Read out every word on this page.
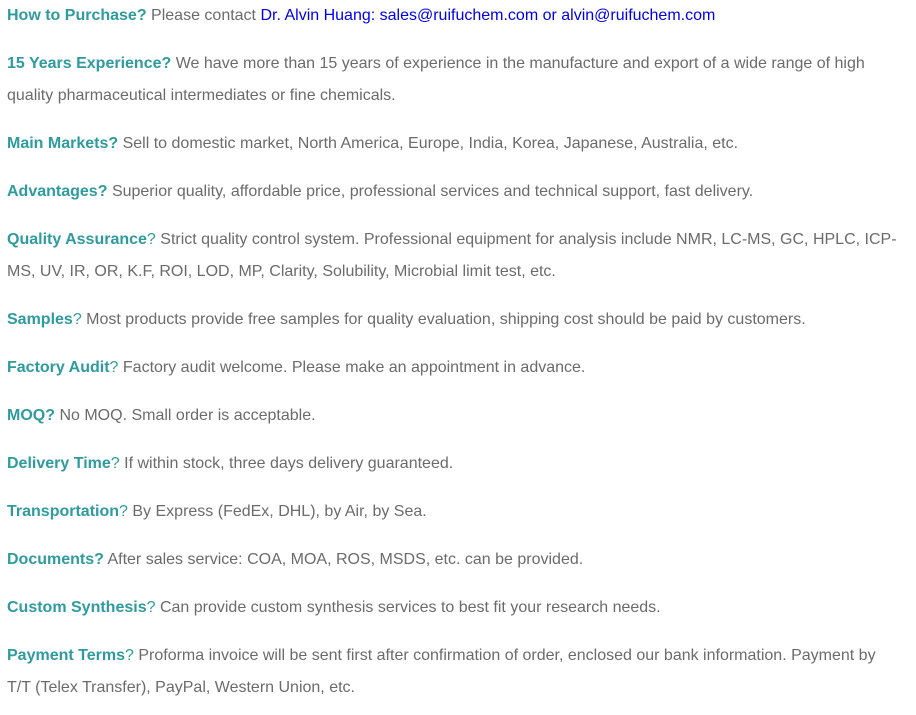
How to Purchase? Please contact Dr. Alvin Huang: sales@ruifuchem.com or alvin@ruifuchem.com

15 Years Experience? We have more than 15 years of experience in the manufacture and export of a wide range of high quality pharmaceutical intermediates or fine chemicals.

Main Markets? Sell to domestic market, North America, Europe, India, Korea, Japanese, Australia, etc.

Advantages? Superior quality, affordable price, professional services and technical support, fast delivery.

Quality Assurance? Strict quality control system. Professional equipment for analysis include NMR, LC-MS, GC, HPLC, ICP-MS, UV, IR, OR, K.F, ROI, LOD, MP, Clarity, Solubility, Microbial limit test, etc.

Samples? Most products provide free samples for quality evaluation, shipping cost should be paid by customers.

Factory Audit? Factory audit welcome. Please make an appointment in advance.

MOQ? No MOQ. Small order is acceptable.

Delivery Time? If within stock, three days delivery guaranteed.

Transportation? By Express (FedEx, DHL), by Air, by Sea.

Documents? After sales service: COA, MOA, ROS, MSDS, etc. can be provided.

Custom Synthesis? Can provide custom synthesis services to best fit your research needs.

Payment Terms? Proforma invoice will be sent first after confirmation of order, enclosed our bank information. Payment by T/T (Telex Transfer), PayPal, Western Union, etc.
